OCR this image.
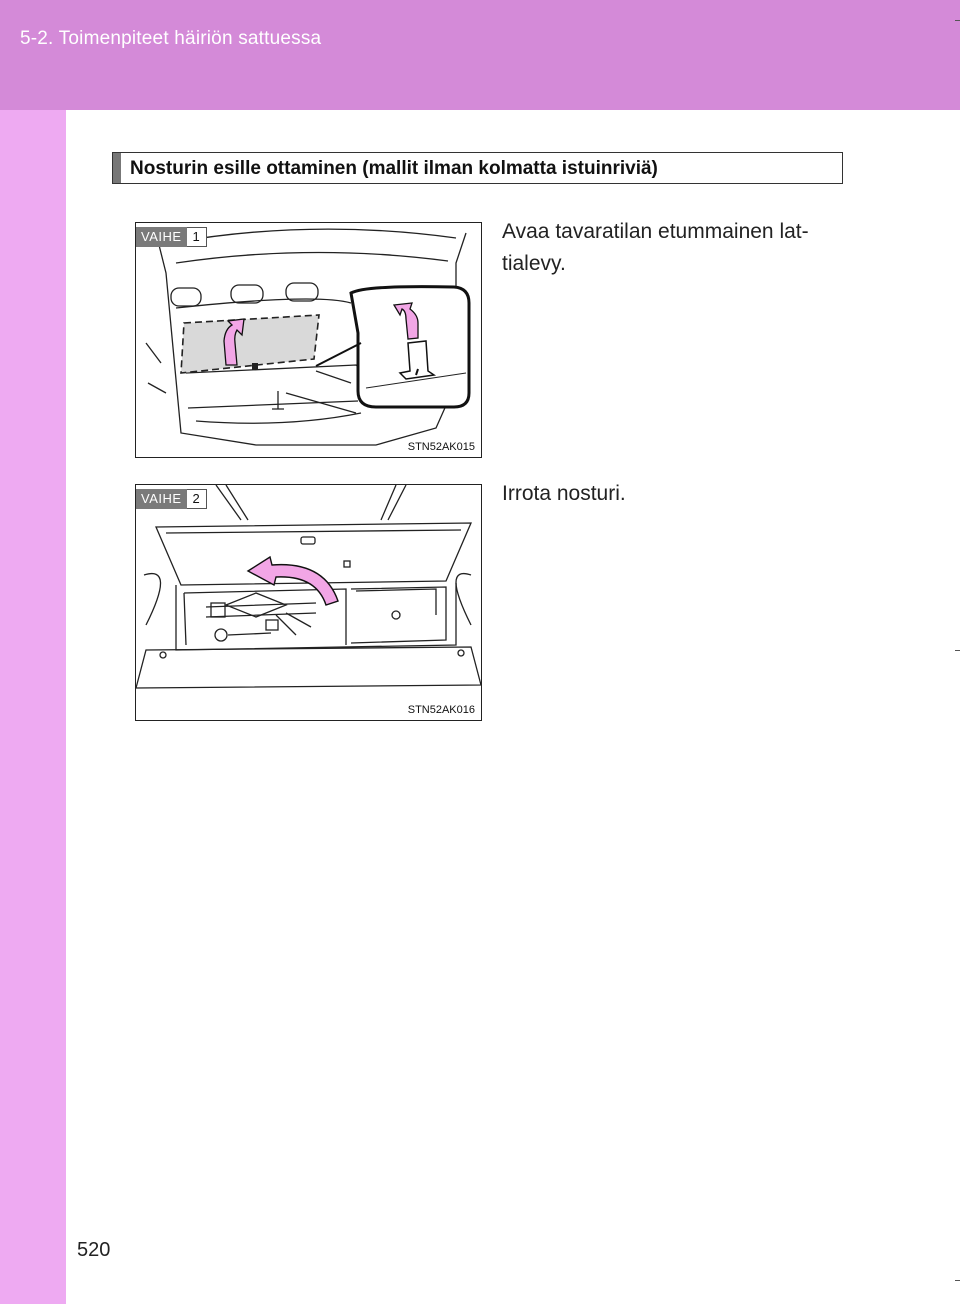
5-2. Toimenpiteet häiriön sattuessa
Nosturin esille ottaminen (mallit ilman kolmatta istuinriviä)
VAIHE 1
STN52AK015
Avaa tavaratilan etummainen lat-tialevy.
VAIHE 2
STN52AK016
Irrota nosturi.
520
